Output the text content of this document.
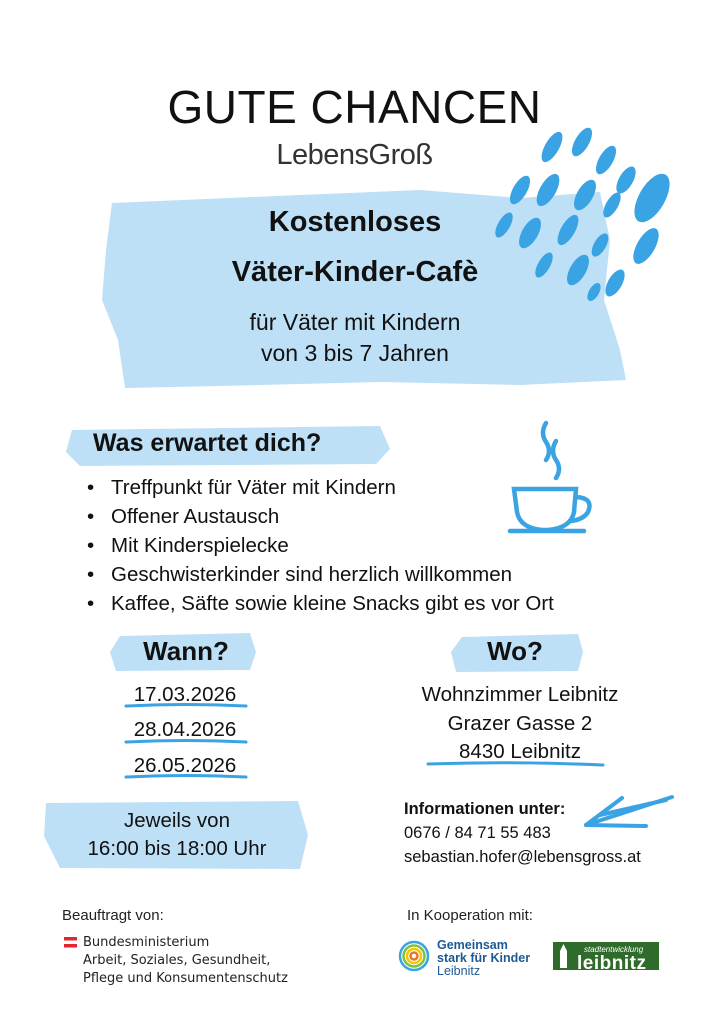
GUTE CHANCEN
LebensGroß
Kostenloses
Väter-Kinder-Cafè
für Väter mit Kindern
von 3 bis 7 Jahren
Was erwartet dich?
• Treffpunkt für Väter mit Kindern
• Offener Austausch
• Mit Kinderspielecke
• Geschwisterkinder sind herzlich willkommen
• Kaffee, Säfte sowie kleine Snacks gibt es vor Ort
Wann?
17.03.2026
28.04.2026
26.05.2026
Jeweils von
16:00 bis 18:00 Uhr
Wo?
Wohnzimmer Leibnitz
Grazer Gasse 2
8430 Leibnitz
Informationen unter:
0676 / 84 71 55 483
sebastian.hofer@lebensgross.at
Beauftragt von:
Bundesministerium
Arbeit, Soziales, Gesundheit,
Pflege und Konsumentenschutz
In Kooperation mit:
Gemeinsam
stark für Kinder
Leibnitz
stadtentwicklung
leibnitz
